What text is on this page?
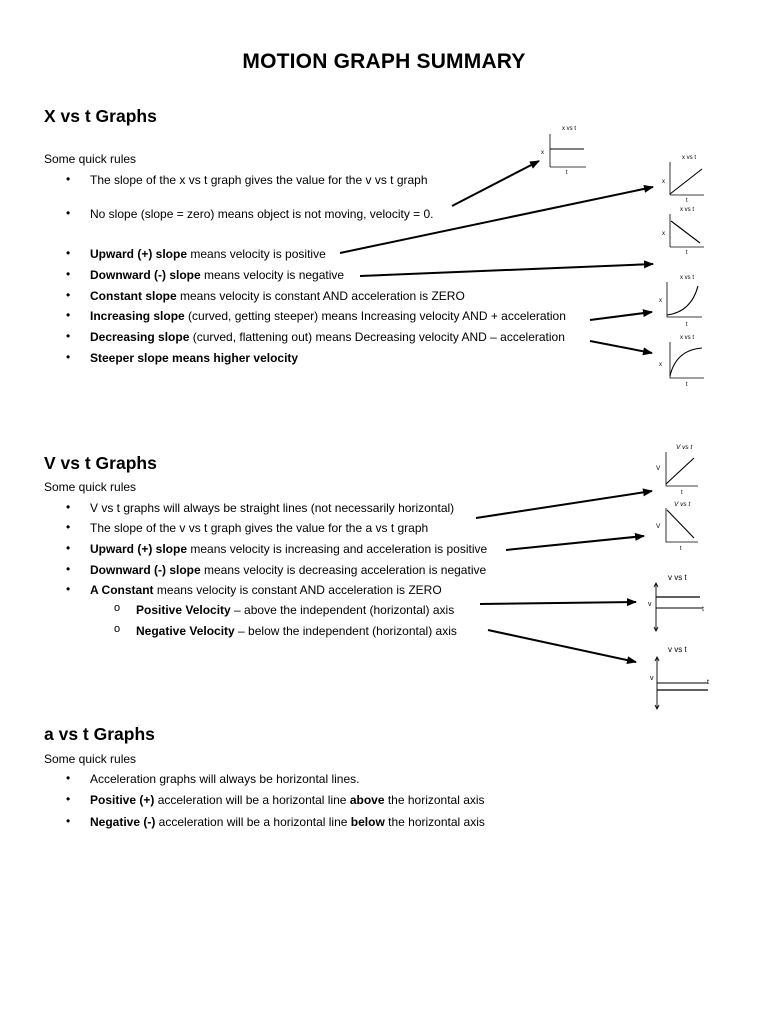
MOTION GRAPH SUMMARY
X vs t Graphs
Some quick rules
• The slope of the x vs t graph gives the value for the v vs t graph
• No slope (slope = zero) means object is not moving, velocity = 0.
• Upward (+) slope means velocity is positive
• Downward (-) slope means velocity is negative
• Constant slope means velocity is constant AND acceleration is ZERO
• Increasing slope (curved, getting steeper) means Increasing velocity AND + acceleration
• Decreasing slope (curved, flattening out) means Decreasing velocity AND – acceleration
• Steeper slope means higher velocity
V vs t Graphs
Some quick rules
• V vs t graphs will always be straight lines (not necessarily horizontal)
• The slope of the v vs t graph gives the value for the a vs t graph
• Upward (+) slope means velocity is increasing and acceleration is positive
• Downward (-) slope means velocity is decreasing acceleration is negative
• A Constant means velocity is constant AND acceleration is ZERO
o Positive Velocity – above the independent (horizontal) axis
o Negative Velocity – below the independent (horizontal) axis
a vs t Graphs
Some quick rules
• Acceleration graphs will always be horizontal lines.
• Positive (+) acceleration will be a horizontal line above the horizontal axis
• Negative (-) acceleration will be a horizontal line below the horizontal axis
x vs t
x
t
x vs t
x
t
x vs t
x
t
x vs t
x
t
x vs t
x
t
V vs t
V
t
V vs t
V
t
v vs t
v
t
v vs t
v
t
